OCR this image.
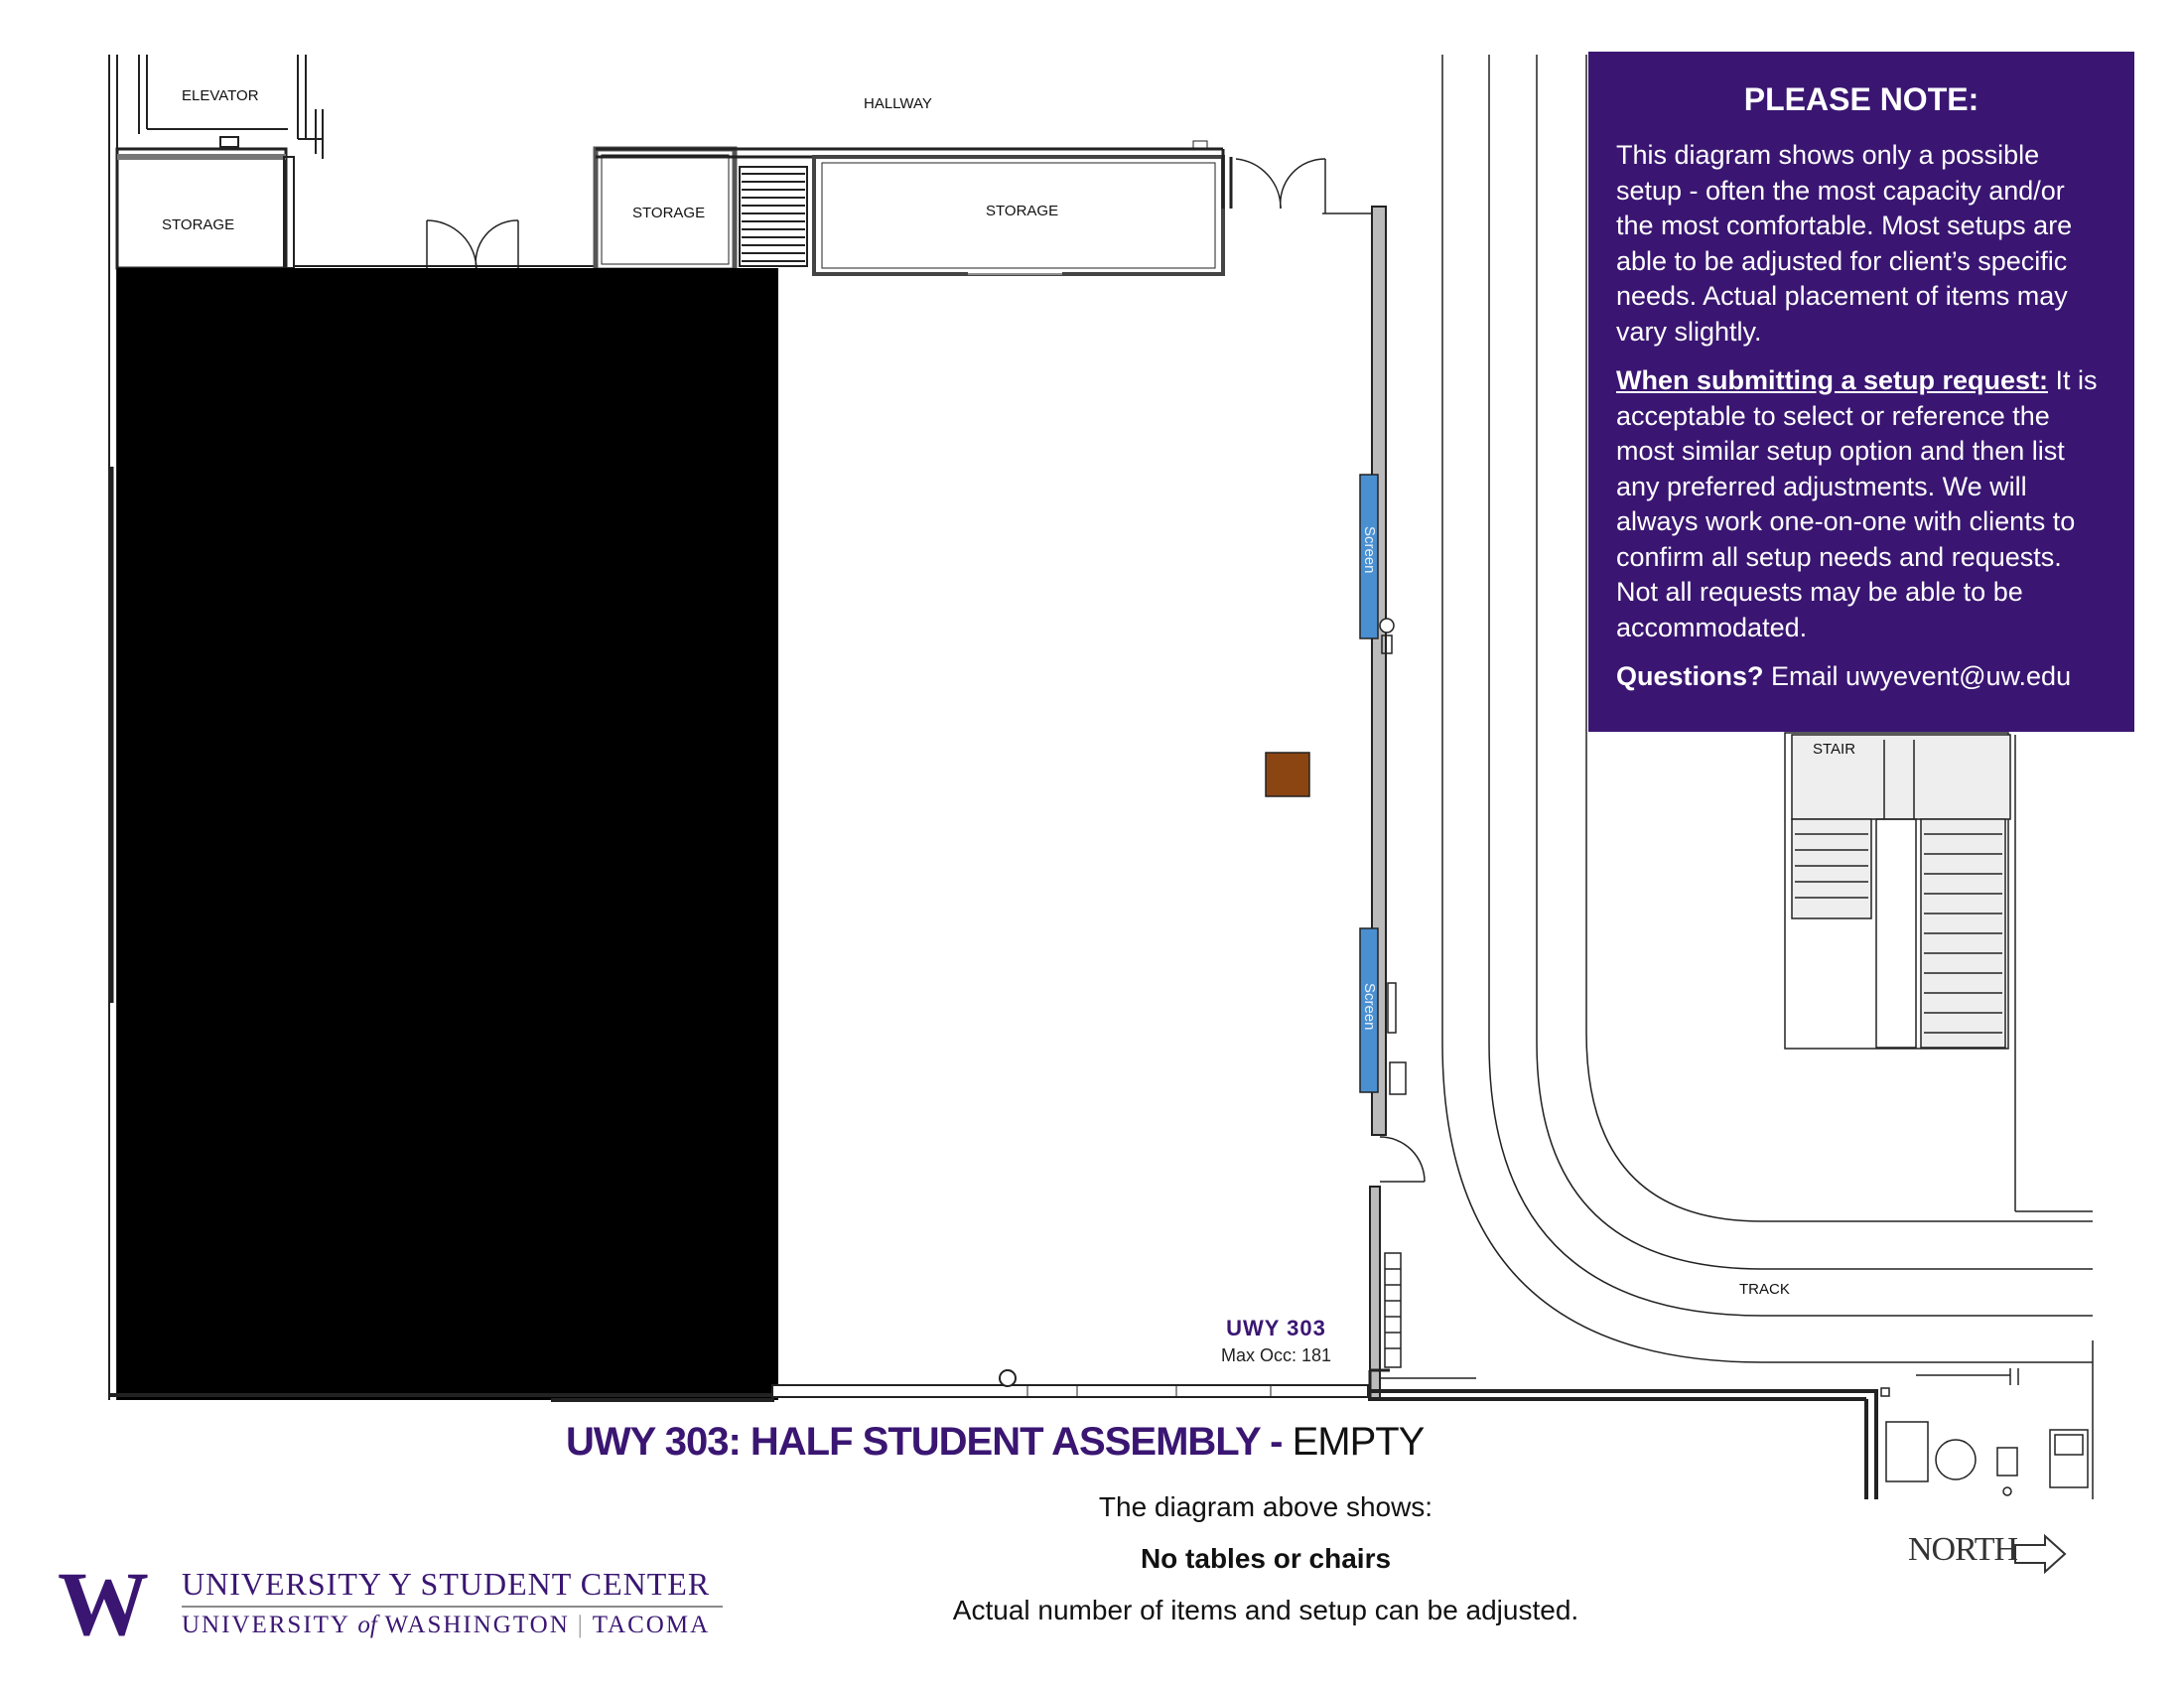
HALLWAY
ELEVATOR
STORAGE
STORAGE	STORAGE
STAIR
TRACK
Screen
Screen
UWY 303
Max Occ: 181
PLEASE NOTE:

This diagram shows only a possible setup - often the most capacity and/or the most comfortable. Most setups are able to be adjusted for client’s specific needs. Actual placement of items may vary slightly.

When submitting a setup request: It is acceptable to select or reference the most similar setup option and then list any preferred adjustments. We will always work one-on-one with clients to confirm all setup needs and requests. Not all requests may be able to be accommodated.

Questions? Email uwyevent@uw.edu

UWY 303: HALF STUDENT ASSEMBLY - EMPTY
The diagram above shows:
No tables or chairs
Actual number of items and setup can be adjusted.
W UNIVERSITY Y STUDENT CENTER
UNIVERSITY of WASHINGTON | TACOMA
NORTH
